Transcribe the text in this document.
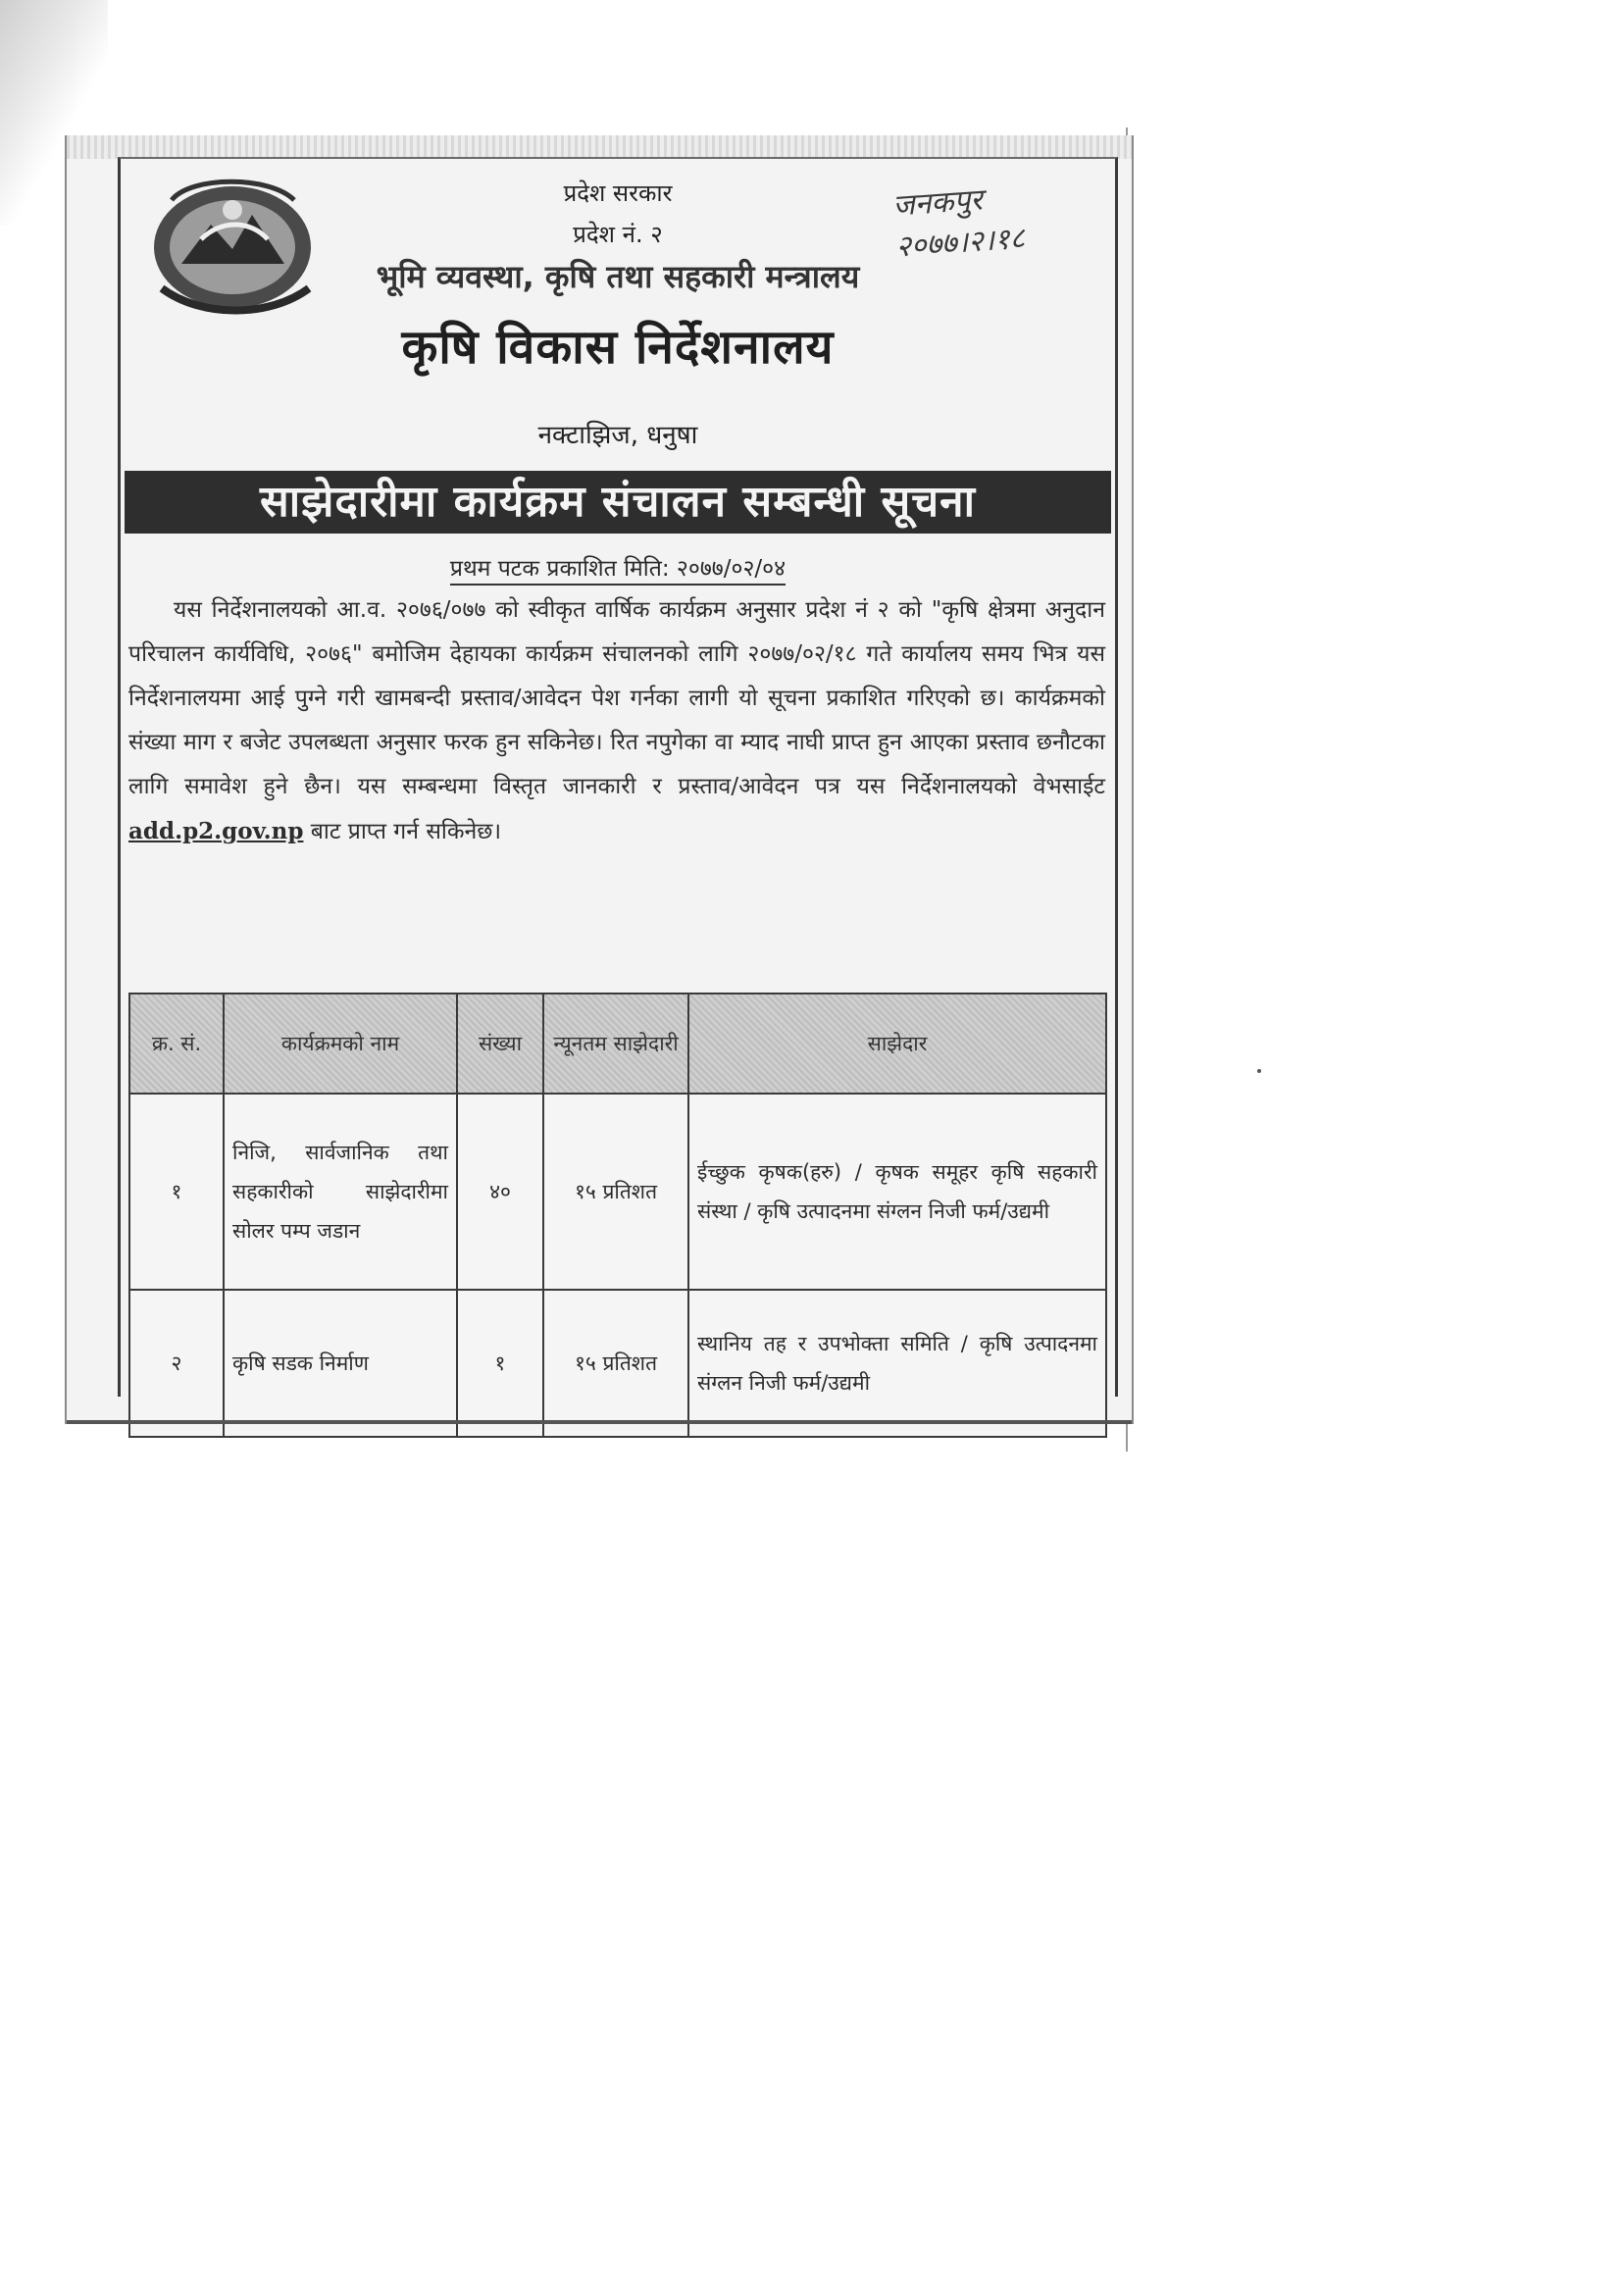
प्रदेश सरकार
प्रदेश नं. २
भूमि व्यवस्था, कृषि तथा सहकारी मन्त्रालय
कृषि विकास निर्देशनालय
नक्टाझिज, धनुषा
जनकपुर
२०७७।२।१८
साझेदारीमा कार्यक्रम संचालन सम्बन्धी सूचना
प्रथम पटक प्रकाशित मिति: २०७७/०२/०४
यस निर्देशनालयको आ.व. २०७६/०७७ को स्वीकृत वार्षिक कार्यक्रम अनुसार प्रदेश नं २ को "कृषि क्षेत्रमा अनुदान परिचालन कार्यविधि, २०७६" बमोजिम देहायका कार्यक्रम संचालनको लागि २०७७/०२/१८ गते कार्यालय समय भित्र यस निर्देशनालयमा आई पुग्ने गरी खामबन्दी प्रस्ताव/आवेदन पेश गर्नका लागी यो सूचना प्रकाशित गरिएको छ। कार्यक्रमको संख्या माग र बजेट उपलब्धता अनुसार फरक हुन सकिनेछ। रित नपुगेका वा म्याद नाघी प्राप्त हुन आएका प्रस्ताव छनौटका लागि समावेश हुने छैन। यस सम्बन्धमा विस्तृत जानकारी र प्रस्ताव/आवेदन पत्र यस निर्देशनालयको वेभसाईट add.p2.gov.np बाट प्राप्त गर्न सकिनेछ।
क्र. सं.	कार्यक्रमको नाम	संख्या	न्यूनतम साझेदारी	साझेदार
१	निजि, सार्वजानिक तथा सहकारीको साझेदारीमा सोलर पम्प जडान	४०	१५ प्रतिशत	ईच्छुक कृषक(हरु) / कृषक समूहर कृषि सहकारी संस्था / कृषि उत्पादनमा संग्लन निजी फर्म/उद्यमी
२	कृषि सडक निर्माण	१	१५ प्रतिशत	स्थानिय तह र उपभोक्ता समिति / कृषि उत्पादनमा संग्लन निजी फर्म/उद्यमी
